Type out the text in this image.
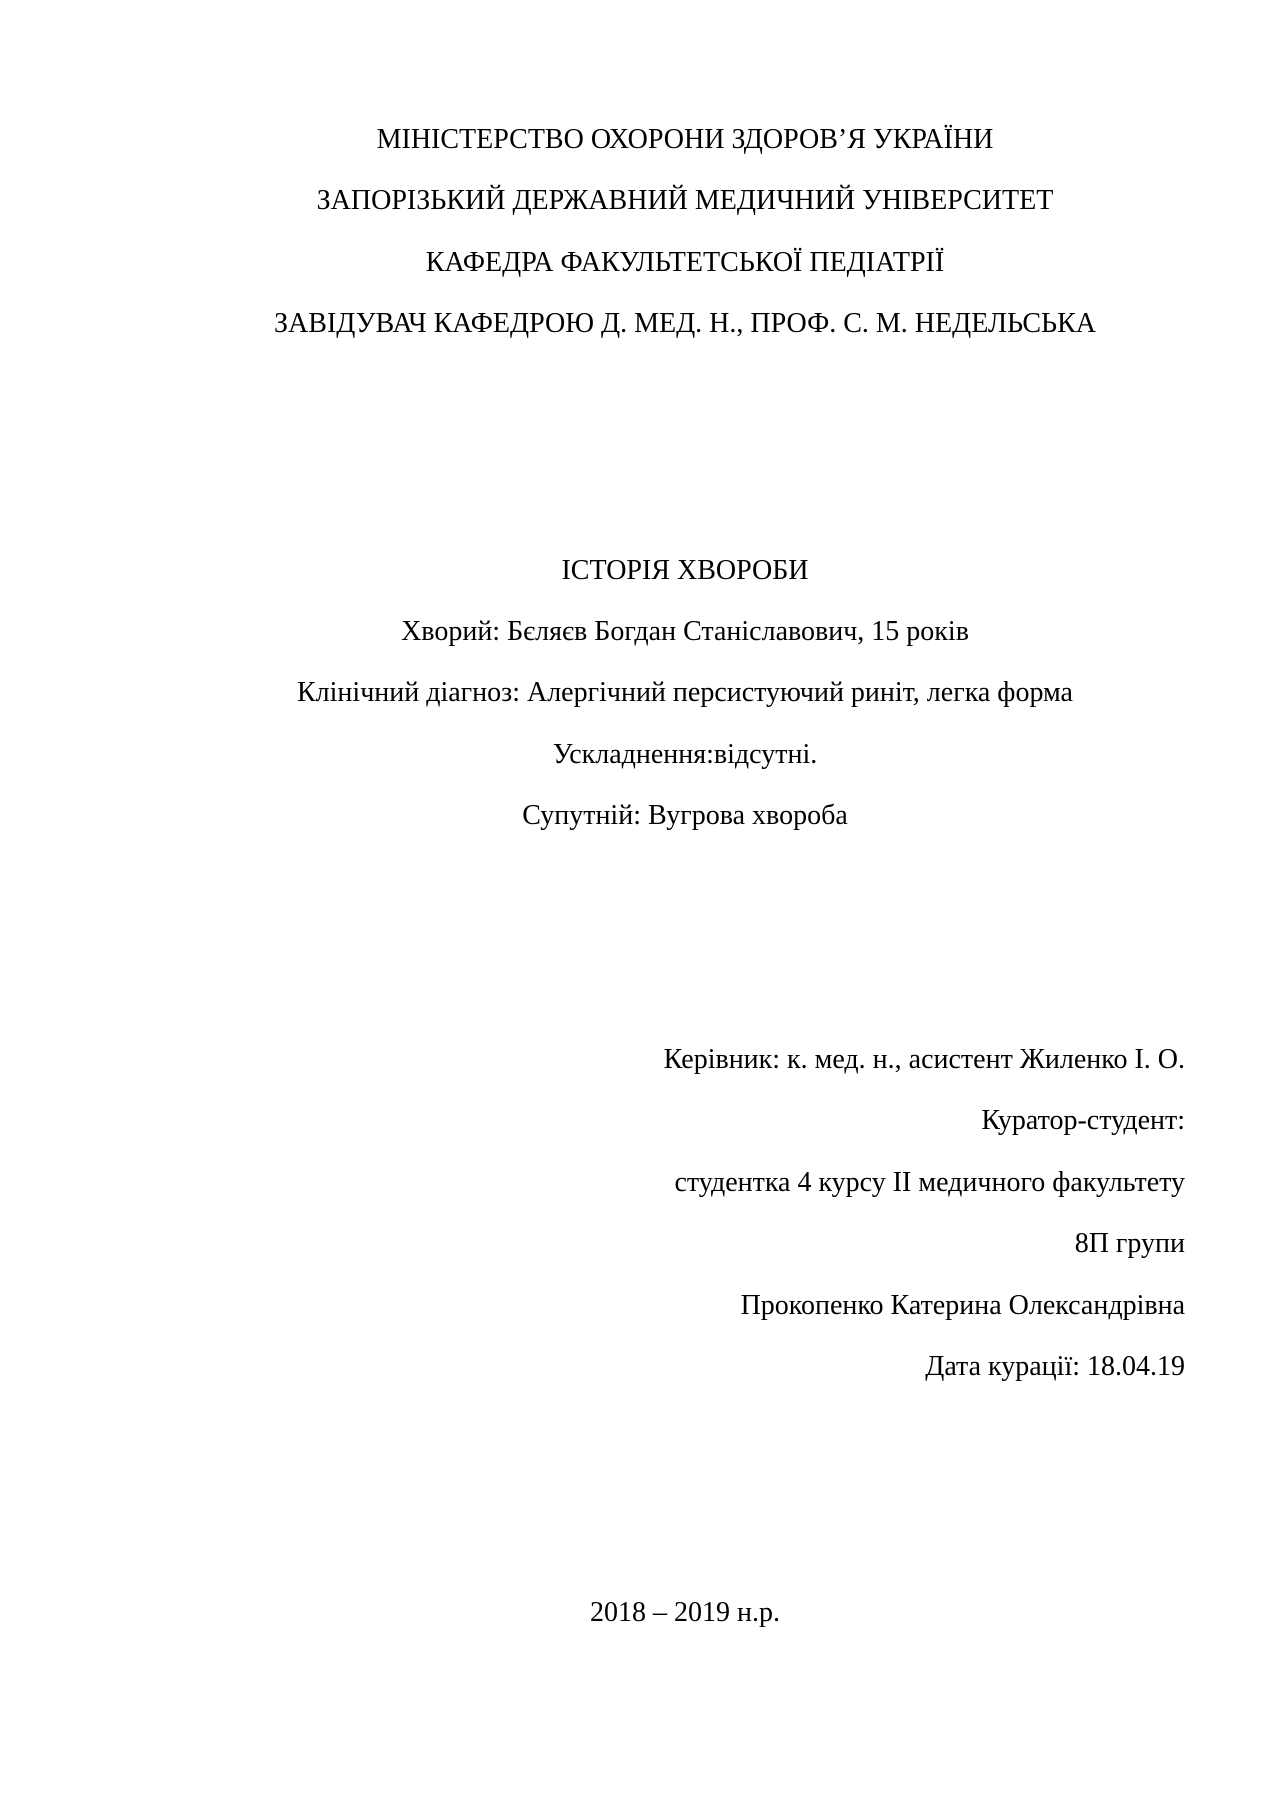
МІНІСТЕРСТВО ОХОРОНИ ЗДОРОВ’Я УКРАЇНИ
ЗАПОРІЗЬКИЙ ДЕРЖАВНИЙ МЕДИЧНИЙ УНІВЕРСИТЕТ
КАФЕДРА ФАКУЛЬТЕТСЬКОЇ ПЕДІАТРІЇ
ЗАВІДУВАЧ КАФЕДРОЮ Д. МЕД. Н., ПРОФ. С. М. НЕДЕЛЬСЬКА
ІСТОРІЯ ХВОРОБИ
Хворий: Бєляєв Богдан Станіславович, 15 років
Клінічний діагноз: Алергічний персистуючий риніт, легка форма
Ускладнення:відсутні.
Супутній: Вугрова хвороба
Керівник: к. мед. н., асистент Жиленко І. О.
Куратор-студент:
студентка 4 курсу ІІ медичного факультету
8П групи
Прокопенко Катерина Олександрівна
Дата курації: 18.04.19
2018 – 2019 н.р.
